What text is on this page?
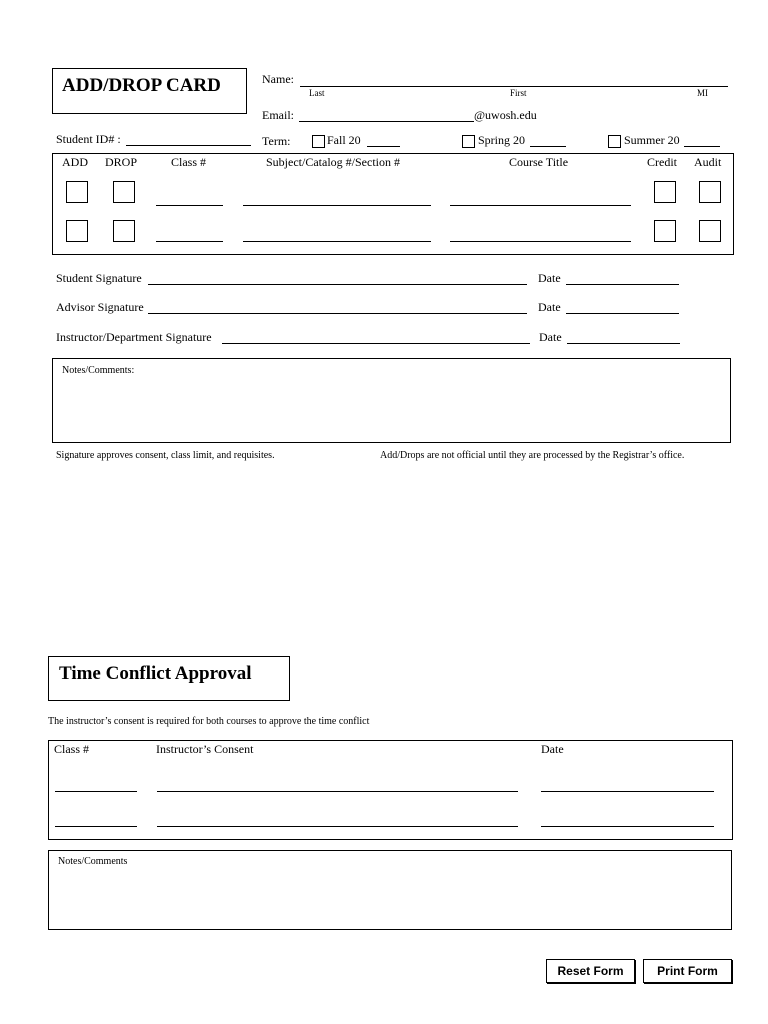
ADD/DROP CARD	Name:
Last	First	MI
Email:	@uwosh.edu
Student ID# :	Term:	Fall 20	Spring 20	Summer 20
ADD DROP	Class #	Subject/Catalog #/Section #	Course Title	Credit Audit
Student Signature	Date
Advisor Signature	Date
Instructor/Department Signature	Date
Notes/Comments:
Signature approves consent, class limit, and requisites.	Add/Drops are not official until they are processed by the Registrar’s office.
Time Conflict Approval
The instructor’s consent is required for both courses to approve the time conflict
Class #	Instructor’s Consent	Date
Notes/Comments
Reset Form	Print Form
